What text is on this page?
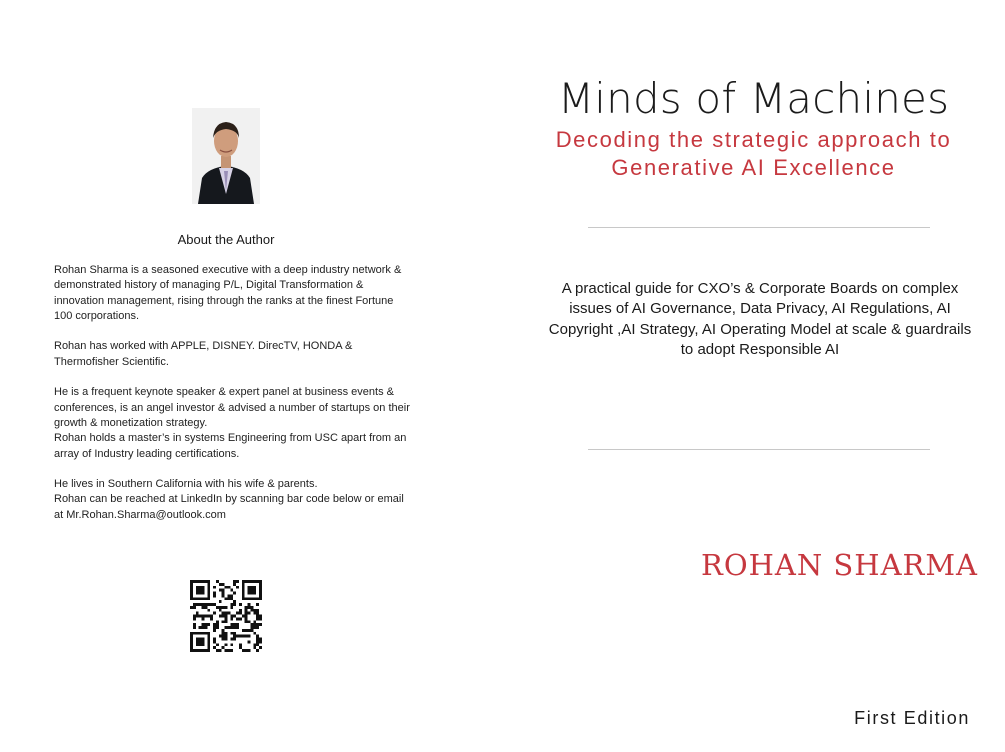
About the Author

Rohan Sharma is a seasoned executive with a deep industry network & demonstrated history of managing P/L, Digital Transformation & innovation management, rising through the ranks at the finest Fortune 100 corporations.

Rohan has worked with APPLE, DISNEY. DirecTV, HONDA & Thermofisher Scientific.

He is a frequent keynote speaker & expert panel at business events & conferences, is an angel investor & advised a number of startups on their growth & monetization strategy.

Rohan holds a master’s in systems Engineering from USC apart from an array of Industry leading certifications.

He lives in Southern California with his wife & parents.

Rohan can be reached at LinkedIn by scanning bar code below or email at Mr.Rohan.Sharma@outlook.com

Minds of Machines
Decoding the strategic approach to
Generative AI Excellence
A practical guide for CXO’s & Corporate Boards on complex issues of AI Governance, Data Privacy, AI Regulations, AI Copyright ,AI Strategy, AI Operating Model at scale & guardrails to adopt Responsible AI
ROHAN SHARMA
First Edition
